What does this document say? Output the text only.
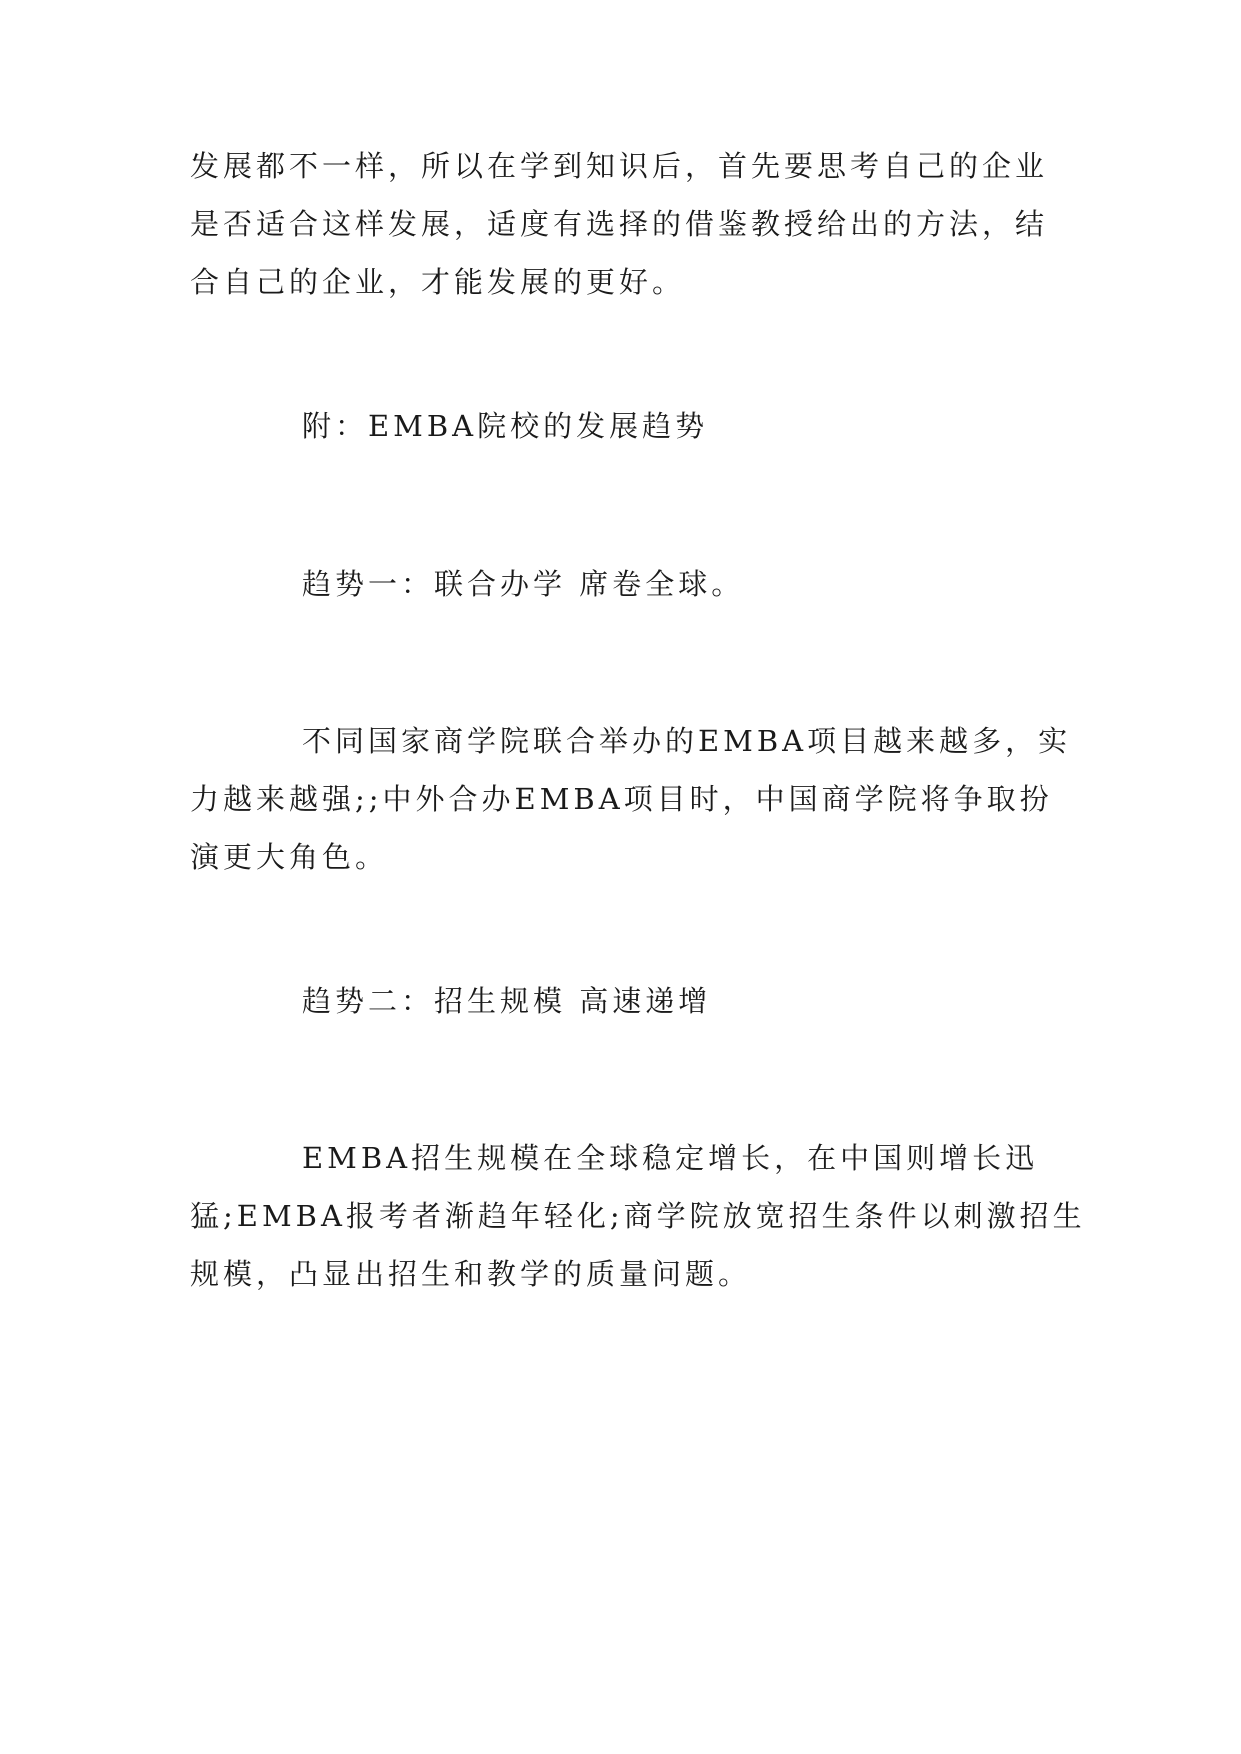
发展都不一样，所以在学到知识后，首先要思考自己的企业
是否适合这样发展，适度有选择的借鉴教授给出的方法，结
合自己的企业，才能发展的更好。
附：EMBA院校的发展趋势
趋势一：联合办学 席卷全球。
不同国家商学院联合举办的EMBA项目越来越多，实
力越来越强;;中外合办EMBA项目时，中国商学院将争取扮
演更大角色。
趋势二：招生规模 高速递增
EMBA招生规模在全球稳定增长，在中国则增长迅
猛;EMBA报考者渐趋年轻化;商学院放宽招生条件以刺激招生
规模，凸显出招生和教学的质量问题。
